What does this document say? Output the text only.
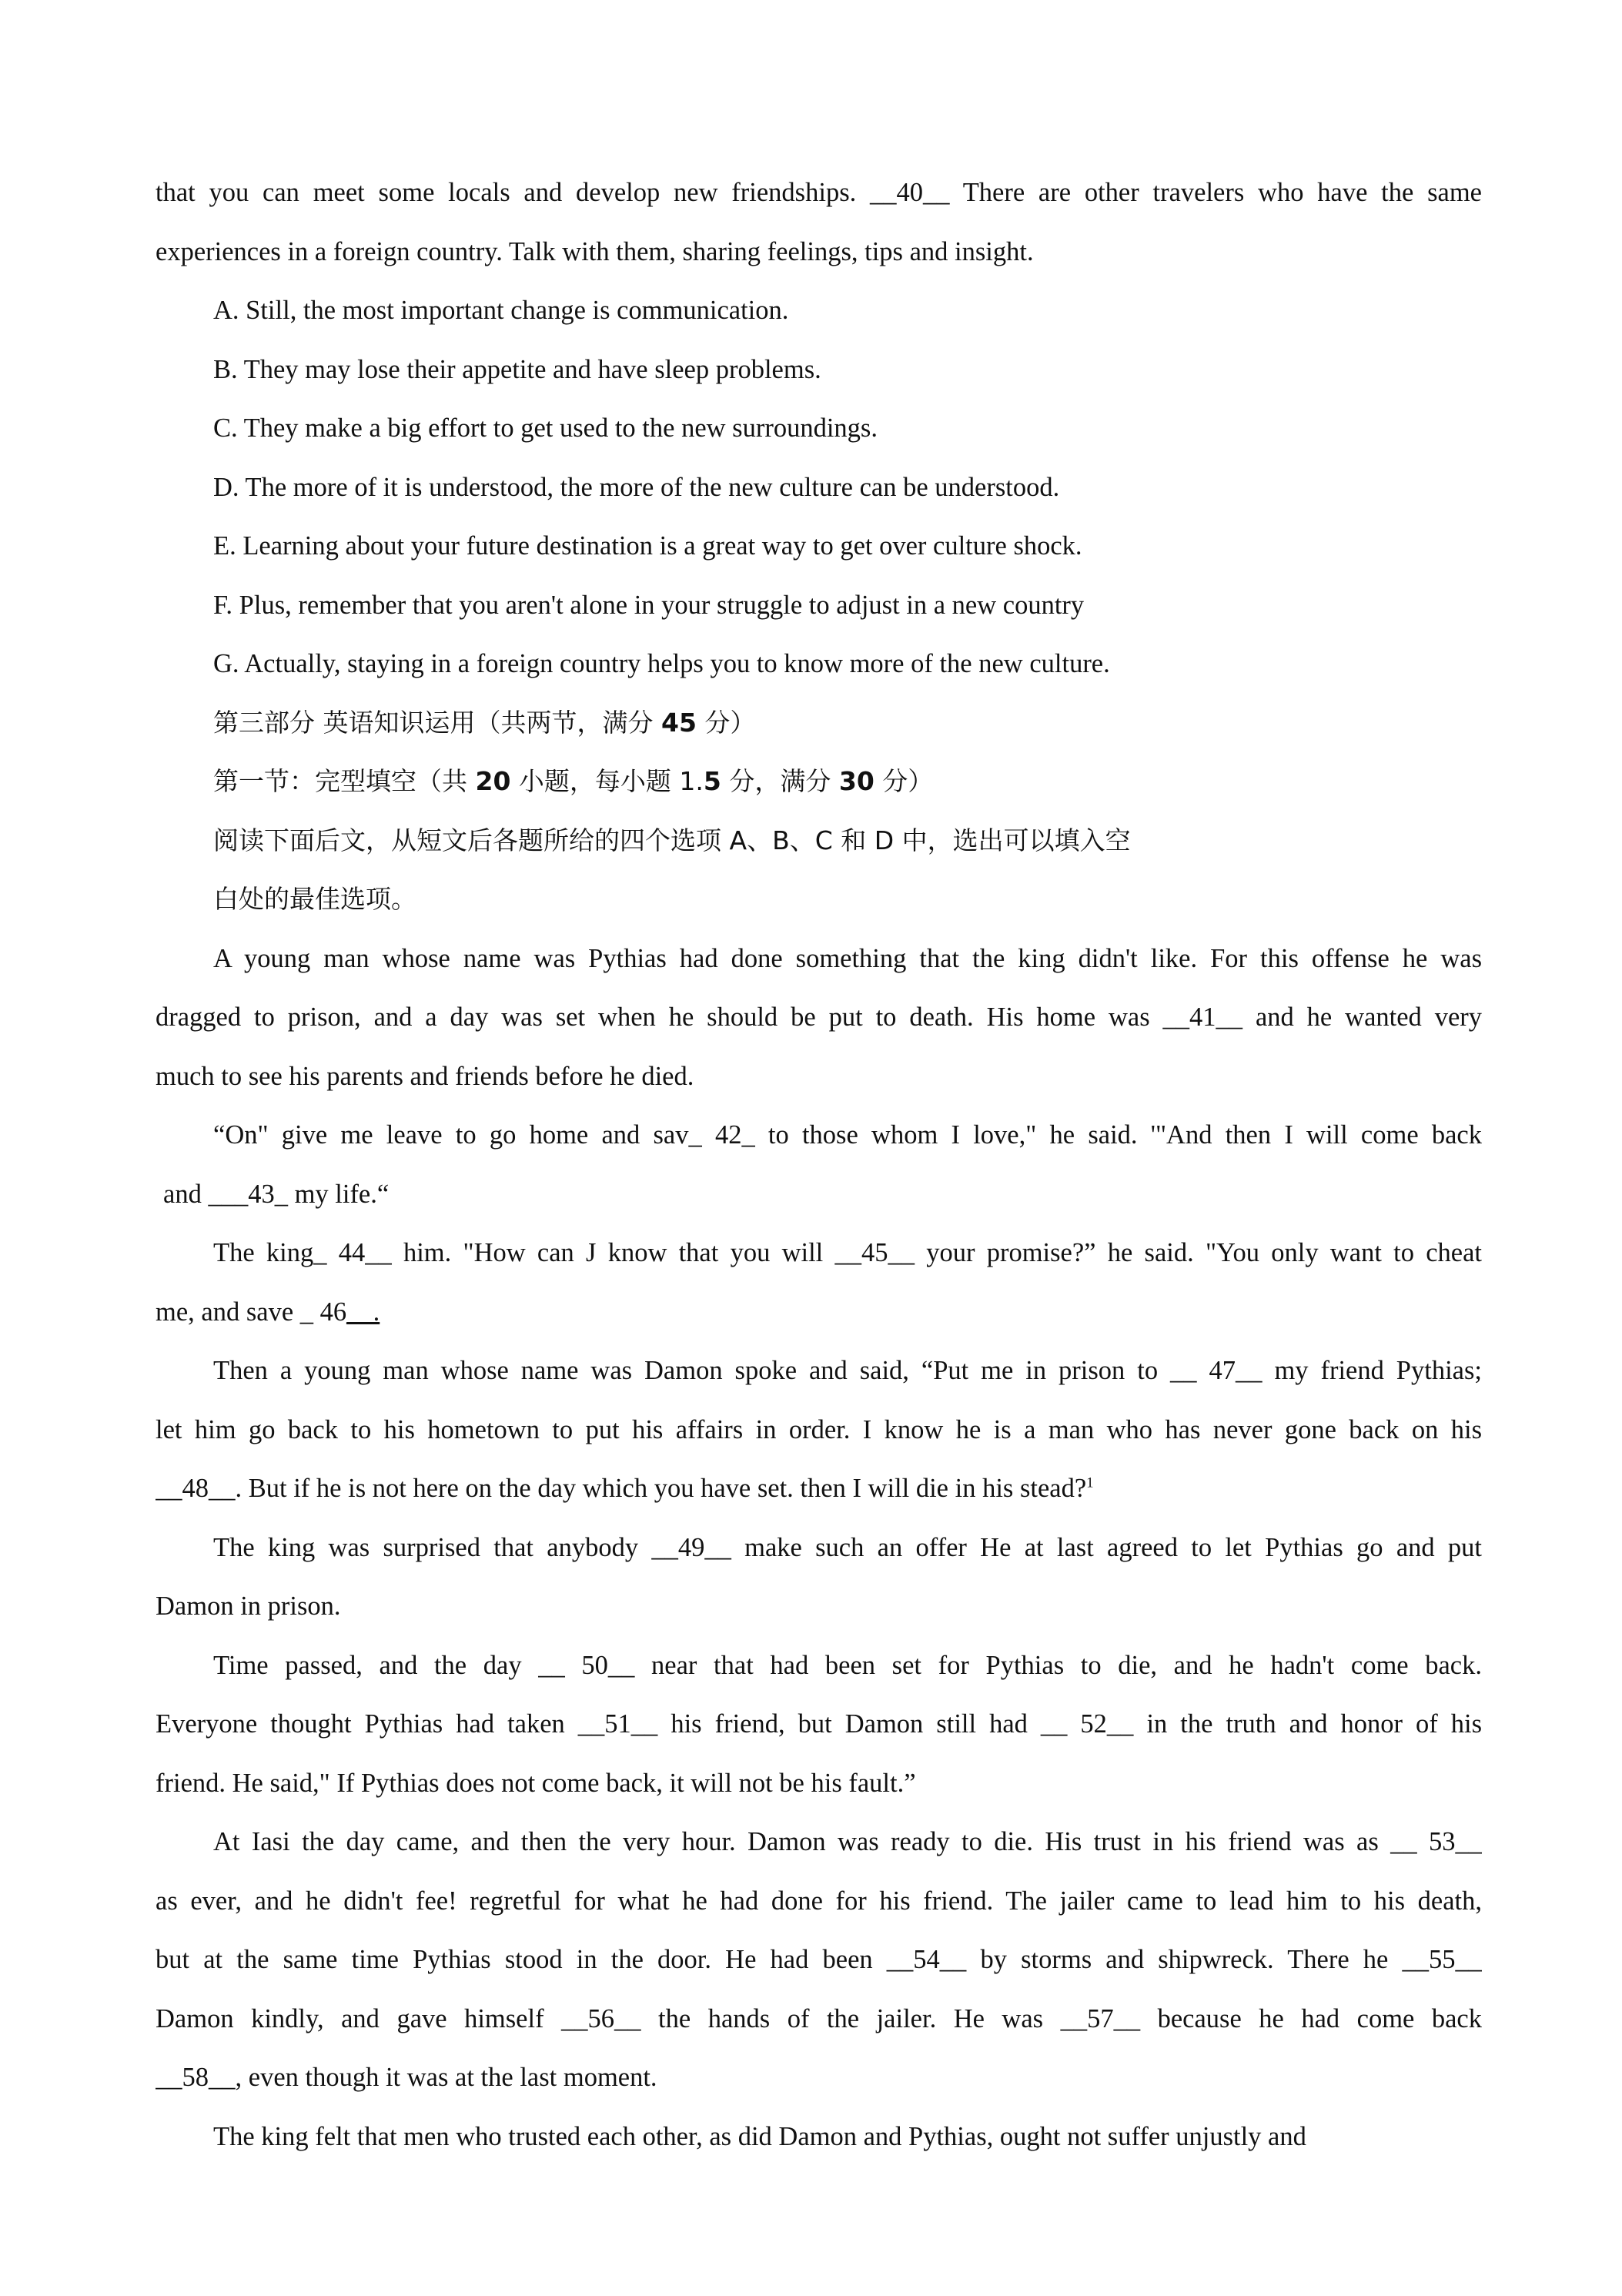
that you can meet some locals and develop new friendships. __40__ There are other travelers who have the same
experiences in a foreign country. Talk with them, sharing feelings, tips and insight.
A. Still, the most important change is communication.
B. They may lose their appetite and have sleep problems.
C. They make a big effort to get used to the new surroundings.
D. The more of it is understood, the more of the new culture can be understood.
E. Learning about your future destination is a great way to get over culture shock.
F. Plus, remember that you aren't alone in your struggle to adjust in a new country
G. Actually, staying in a foreign country helps you to know more of the new culture.
第三部分 英语知识运用（共两节，满分 45 分）
第一节：完型填空（共 20 小题，每小题 1.5 分，满分 30 分）
阅读下面后文，从短文后各题所给的四个选项 A、B、C 和 D 中，选出可以填入空
白处的最佳选项。
A young man whose name was Pythias had done something that the king didn't like. For this offense he was
dragged to prison, and a day was set when he should be put to death. His home was __41__ and he wanted very
much to see his parents and friends before he died.
“On" give me leave to go home and sav_ 42_ to those whom I love," he said. '"And then I will come back
and ___43_ my life.“
The king_ 44__ him. "How can J know that you will __45__ your promise?” he said. "You only want to cheat
me, and save _ 46__.
Then a young man whose name was Damon spoke and said, “Put me in prison to __ 47__ my friend Pythias;
let him go back to his hometown to put his affairs in order. I know he is a man who has never gone back on his
__48__. But if he is not here on the day which you have set. then I will die in his stead?$^1$
The king was surprised that anybody __49__ make such an offer He at last agreed to let Pythias go and put
Damon in prison.
Time passed, and the day __ 50__ near that had been set for Pythias to die, and he hadn't come back.
Everyone thought Pythias had taken __51__ his friend, but Damon still had __ 52__ in the truth and honor of his
friend. He said," If Pythias does not come back, it will not be his fault.”
At Iasi the day came, and then the very hour. Damon was ready to die. His trust in his friend was as __ 53__
as ever, and he didn't fee! regretful for what he had done for his friend. The jailer came to lead him to his death,
but at the same time Pythias stood in the door. He had been __54__ by storms and shipwreck. There he __55__
Damon kindly, and gave himself __56__ the hands of the jailer. He was __57__ because he had come back
__58__, even though it was at the last moment.
The king felt that men who trusted each other, as did Damon and Pythias, ought not suffer unjustly and
